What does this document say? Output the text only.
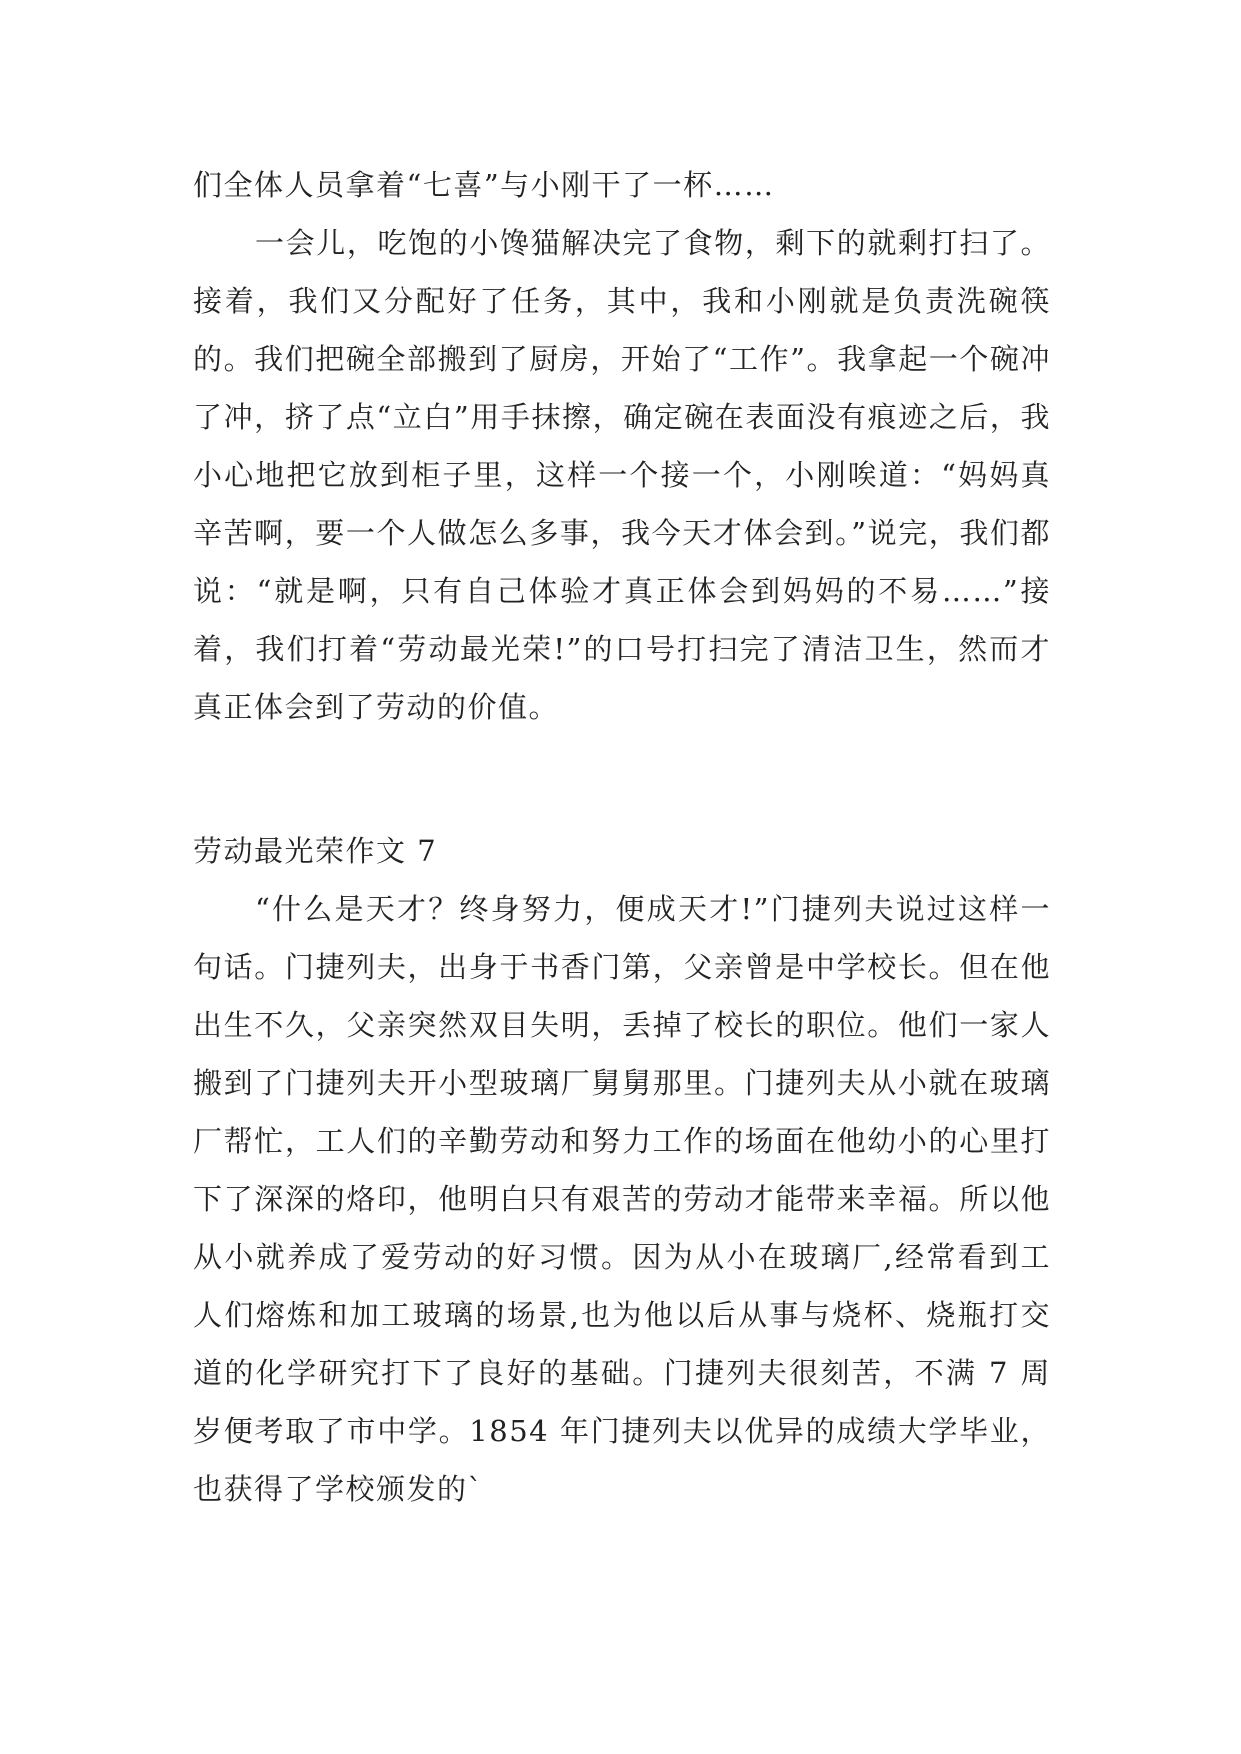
们全体人员拿着“七喜”与小刚干了一杯……

一会儿，吃饱的小馋猫解决完了食物，剩下的就剩打扫了。接着，我们又分配好了任务，其中，我和小刚就是负责洗碗筷的。我们把碗全部搬到了厨房，开始了“工作”。我拿起一个碗冲了冲，挤了点“立白”用手抹擦，确定碗在表面没有痕迹之后，我小心地把它放到柜子里，这样一个接一个，小刚唉道：“妈妈真辛苦啊，要一个人做怎么多事，我今天才体会到。”说完，我们都说：“就是啊，只有自己体验才真正体会到妈妈的不易……”接着，我们打着“劳动最光荣!”的口号打扫完了清洁卫生，然而才真正体会到了劳动的价值。

劳动最光荣作文 7

“什么是天才？终身努力，便成天才!”门捷列夫说过这样一句话。门捷列夫，出身于书香门第，父亲曾是中学校长。但在他出生不久，父亲突然双目失明，丢掉了校长的职位。他们一家人搬到了门捷列夫开小型玻璃厂舅舅那里。门捷列夫从小就在玻璃厂帮忙，工人们的辛勤劳动和努力工作的场面在他幼小的心里打下了深深的烙印，他明白只有艰苦的劳动才能带来幸福。所以他从小就养成了爱劳动的好习惯。因为从小在玻璃厂,经常看到工人们熔炼和加工玻璃的场景,也为他以后从事与烧杯、烧瓶打交道的化学研究打下了良好的基础。门捷列夫很刻苦，不满 7 周岁便考取了市中学。1854 年门捷列夫以优异的成绩大学毕业，也获得了学校颁发的`
